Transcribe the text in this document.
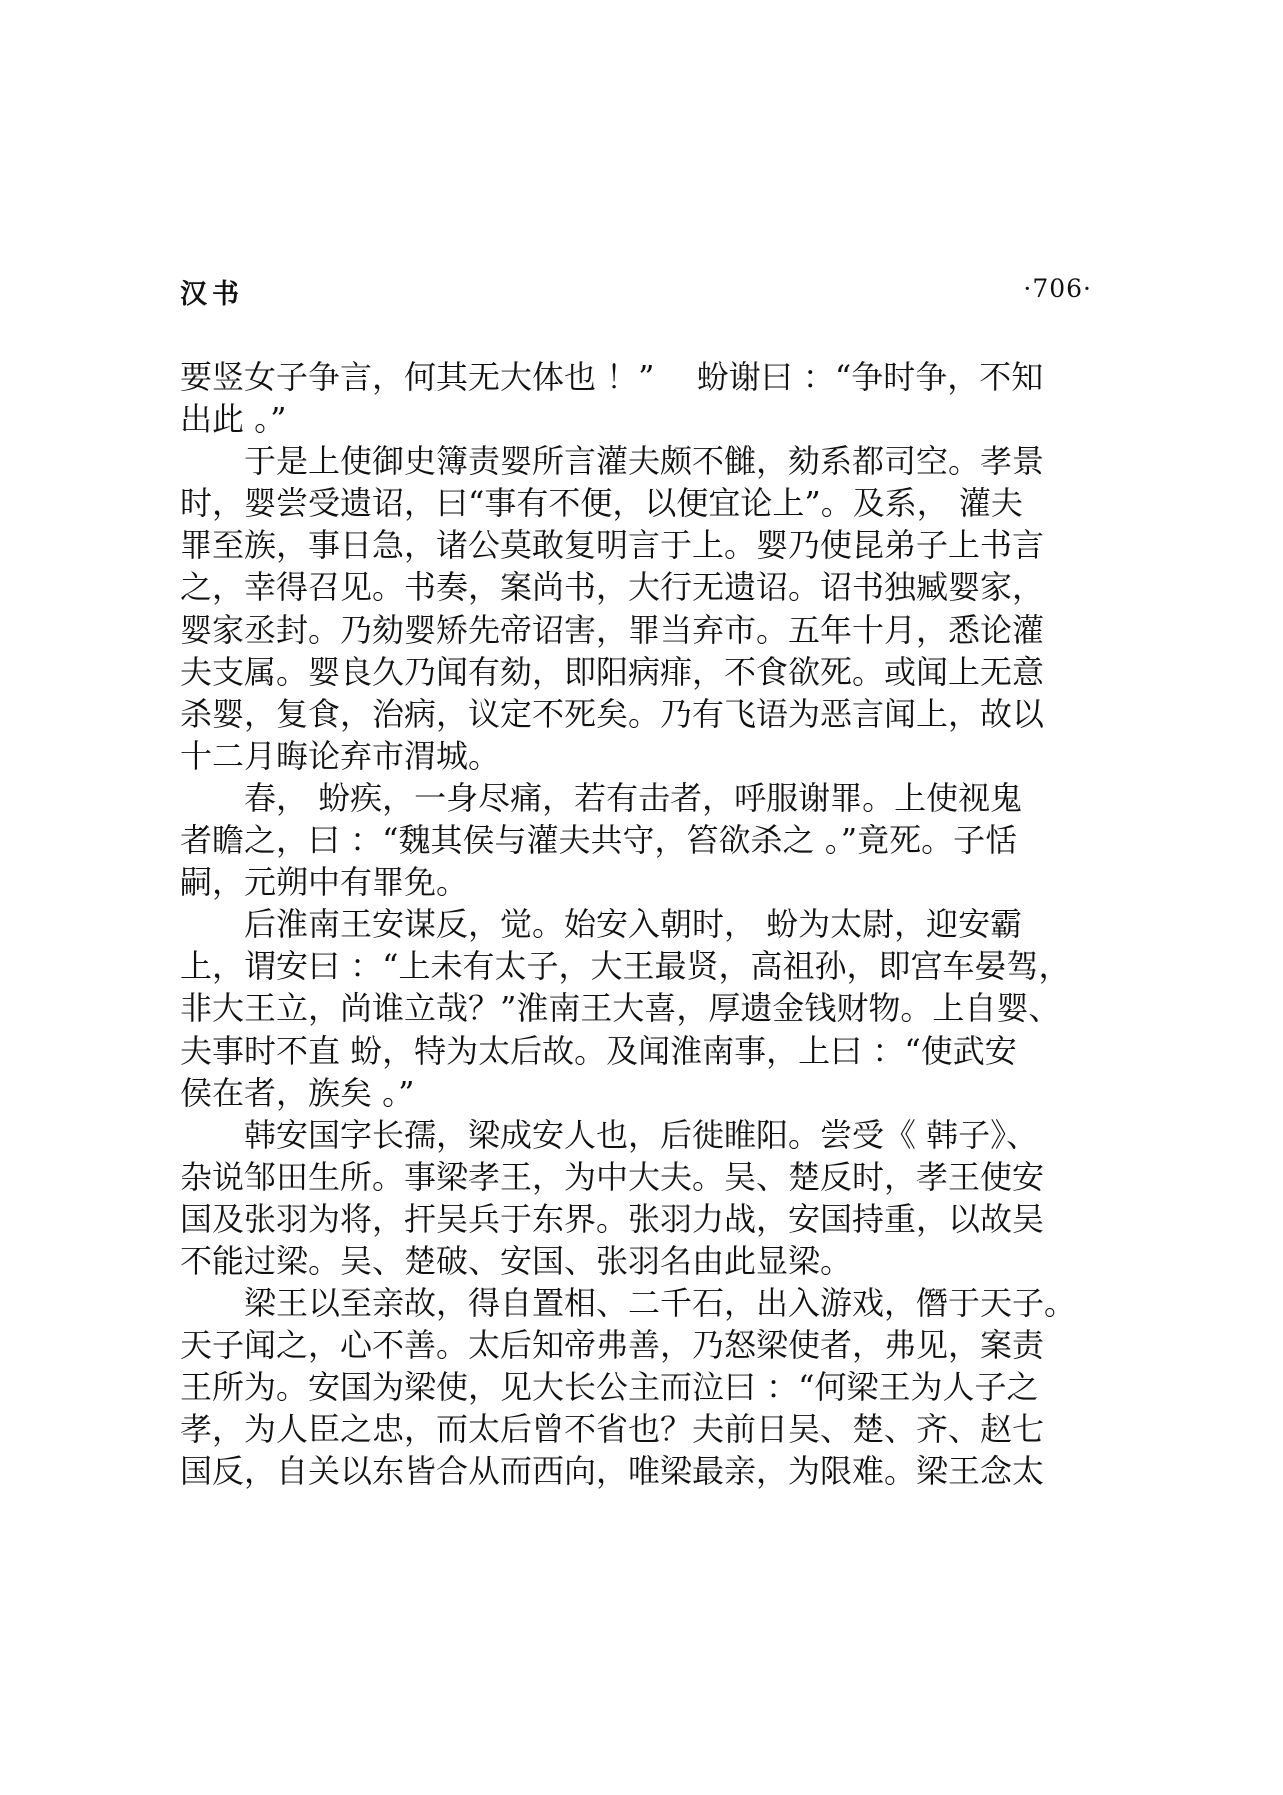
汉书	·706·
要竖女子争言，何其无大体也 ！”　 蚡谢曰 ：“争时争，不知
出此 。”
　　于是上使御史簿责婴所言灌夫颇不雠，劾系都司空。孝景
时，婴尝受遗诏，曰“事有不便，以便宜论上”。及系， 灌夫
罪至族，事日急，诸公莫敢复明言于上。婴乃使昆弟子上书言
之，幸得召见。书奏，案尚书，大行无遗诏。诏书独臧婴家，
婴家丞封。乃劾婴矫先帝诏害，罪当弃市。五年十月，悉论灌
夫支属。婴良久乃闻有劾，即阳病痱，不食欲死。或闻上无意
杀婴，复食，治病，议定不死矣。乃有飞语为恶言闻上，故以
十二月晦论弃市渭城。
　　春， 蚡疾，一身尽痛，若有击者，呼服谢罪。上使视鬼
者瞻之，曰 ：“魏其侯与灌夫共守，笞欲杀之 。”竟死。子恬
嗣，元朔中有罪免。
　　后淮南王安谋反，觉。始安入朝时， 蚡为太尉，迎安霸
上，谓安曰 ：“上未有太子，大王最贤，高祖孙，即宫车晏驾，
非大王立，尚谁立哉？”淮南王大喜，厚遗金钱财物。上自婴、
夫事时不直 蚡，特为太后故。及闻淮南事，上曰 ：“使武安
侯在者，族矣 。”
　　韩安国字长孺，梁成安人也，后徙睢阳。尝受《 韩子》、
杂说邹田生所。事梁孝王，为中大夫。吴、楚反时，孝王使安
国及张羽为将，扞吴兵于东界。张羽力战，安国持重，以故吴
不能过梁。吴、楚破、安国、张羽名由此显梁。
　　梁王以至亲故，得自置相、二千石，出入游戏，僭于天子。
天子闻之，心不善。太后知帝弗善，乃怒梁使者，弗见，案责
王所为。安国为梁使，见大长公主而泣曰 ：“何梁王为人子之
孝，为人臣之忠，而太后曾不省也？夫前日吴、楚、齐、赵七
国反，自关以东皆合从而西向，唯梁最亲，为限难。梁王念太
